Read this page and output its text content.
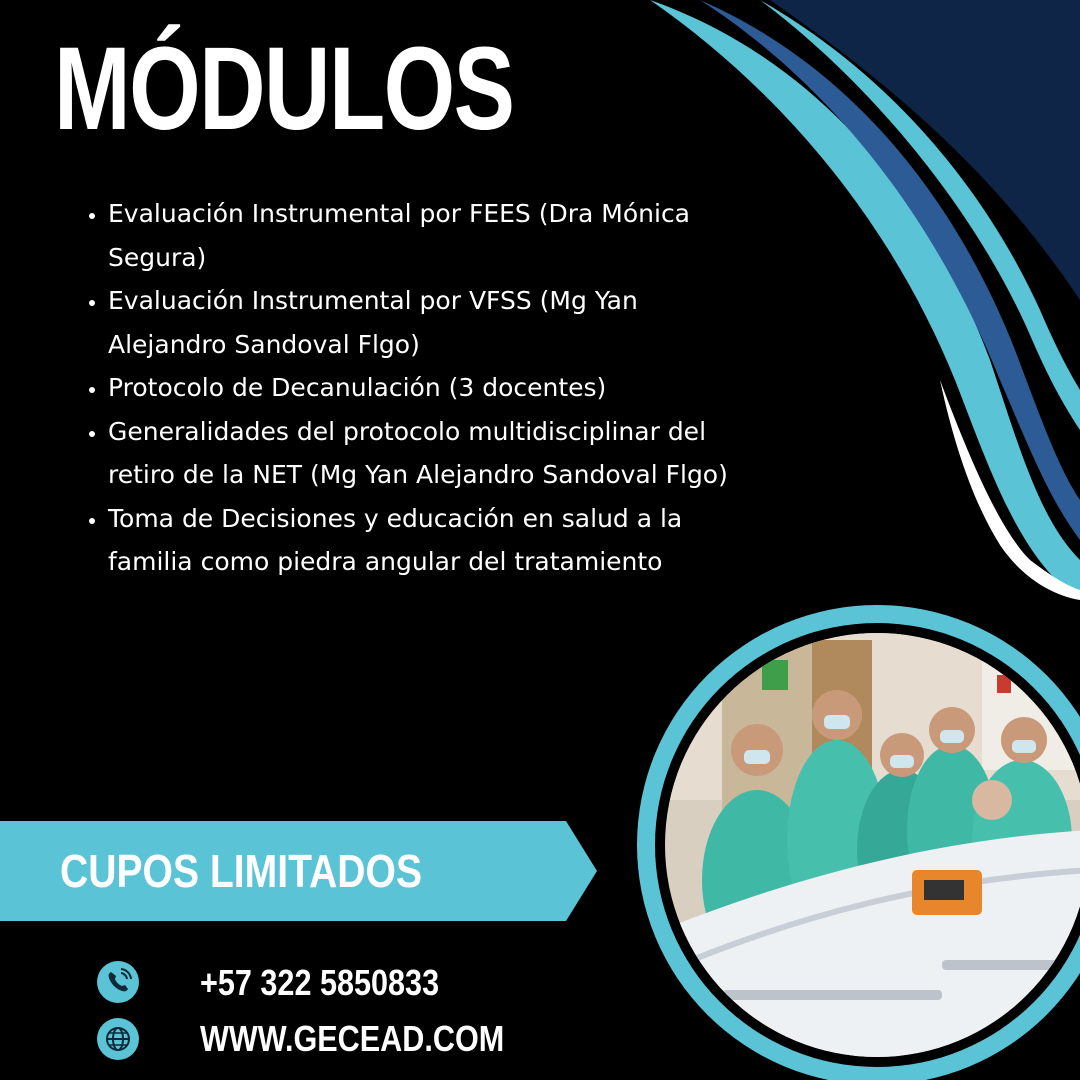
MÓDULOS
• Evaluación Instrumental por FEES (Dra Mónica Segura)
• Evaluación Instrumental por VFSS (Mg Yan Alejandro Sandoval Flgo)
• Protocolo de Decanulación (3 docentes)
• Generalidades del protocolo multidisciplinar del retiro de la NET (Mg Yan Alejandro Sandoval Flgo)
• Toma de Decisiones y educación en salud a la familia como piedra angular del tratamiento
CUPOS LIMITADOS
+57 322 5850833
WWW.GECEAD.COM
